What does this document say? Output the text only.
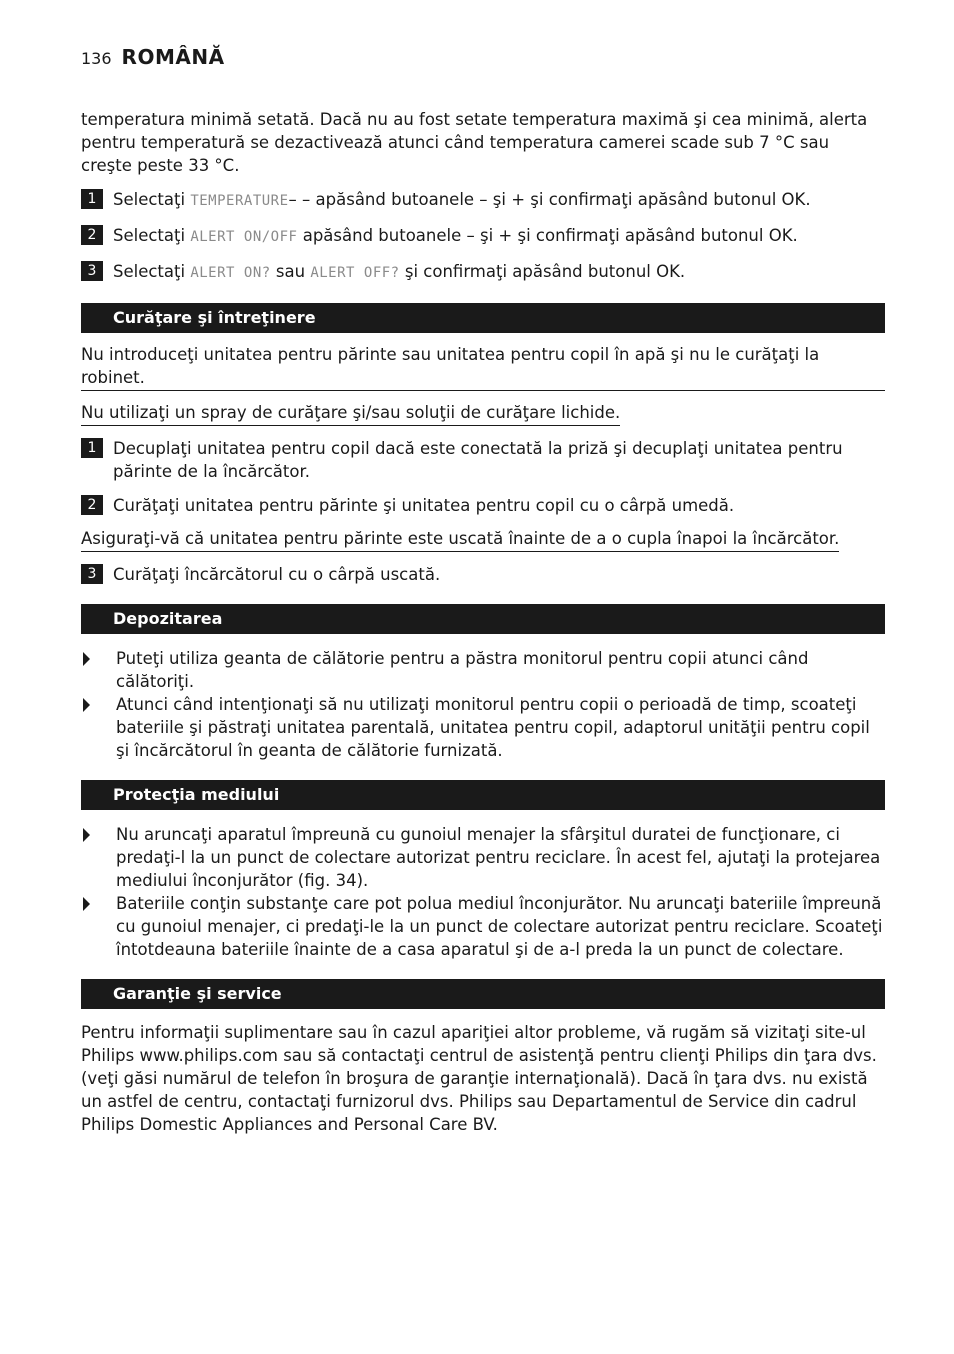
136 ROMÂNĂ

temperatura minimă setată. Dacă nu au fost setate temperatura maximă şi cea minimă, alerta pentru temperatură se dezactivează atunci când temperatura camerei scade sub 7 °C sau creşte peste 33 °C.

1	Selectaţi TEMPERATURE– – apăsând butoanele – şi + şi confirmaţi apăsând butonul OK.
2	Selectaţi ALERT ON/OFF apăsând butoanele – şi + şi confirmaţi apăsând butonul OK.
3	Selectaţi ALERT ON? sau ALERT OFF? şi confirmaţi apăsând butonul OK.
Curăţare şi întreţinere
Nu introduceţi unitatea pentru părinte sau unitatea pentru copil în apă şi nu le curăţaţi la robinet.
Nu utilizaţi un spray de curăţare şi/sau soluţii de curăţare lichide.
1	Decuplaţi unitatea pentru copil dacă este conectată la priză şi decuplaţi unitatea pentru părinte de la încărcător.
2	Curăţaţi unitatea pentru părinte şi unitatea pentru copil cu o cârpă umedă.
Asiguraţi-vă că unitatea pentru părinte este uscată înainte de a o cupla înapoi la încărcător.
3	Curăţaţi încărcătorul cu o cârpă uscată.
Depozitarea
Puteţi utiliza geanta de călătorie pentru a păstra monitorul pentru copii atunci când călătoriţi.
Atunci când intenţionaţi să nu utilizaţi monitorul pentru copii o perioadă de timp, scoateţi bateriile şi păstraţi unitatea parentală, unitatea pentru copil, adaptorul unităţii pentru copil şi încărcătorul în geanta de călătorie furnizată.
Protecţia mediului
Nu aruncaţi aparatul împreună cu gunoiul menajer la sfârşitul duratei de funcţionare, ci predaţi-l la un punct de colectare autorizat pentru reciclare. În acest fel, ajutaţi la protejarea mediului înconjurător (fig. 34).
Bateriile conţin substanţe care pot polua mediul înconjurător. Nu aruncaţi bateriile împreună cu gunoiul menajer, ci predaţi-le la un punct de colectare autorizat pentru reciclare. Scoateţi întotdeauna bateriile înainte de a casa aparatul şi de a-l preda la un punct de colectare.
Garanţie şi service

Pentru informaţii suplimentare sau în cazul apariţiei altor probleme, vă rugăm să vizitaţi site-ul Philips www.philips.com sau să contactaţi centrul de asistenţă pentru clienţi Philips din ţara dvs. (veţi găsi numărul de telefon în broşura de garanţie internaţională). Dacă în ţara dvs. nu există un astfel de centru, contactaţi furnizorul dvs. Philips sau Departamentul de Service din cadrul Philips Domestic Appliances and Personal Care BV.
